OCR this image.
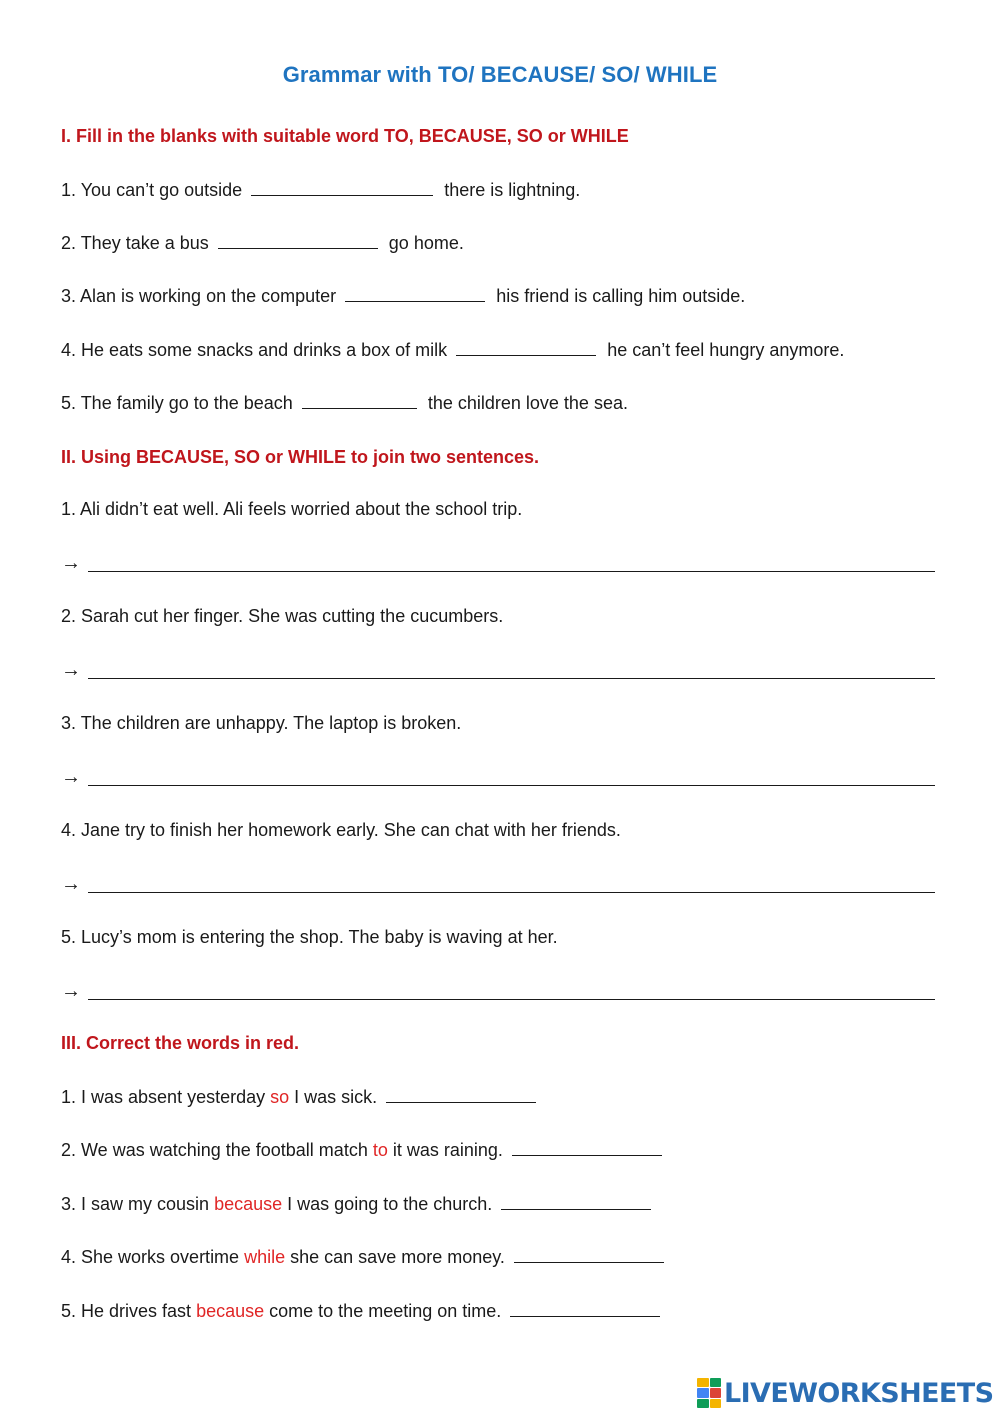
Grammar with TO/ BECAUSE/ SO/ WHILE
I. Fill in the blanks with suitable word TO, BECAUSE, SO or WHILE
1. You can’t go outside	there is lightning.
2. They take a bus	go home.
3. Alan is working on the computer	his friend is calling him outside.
4. He eats some snacks and drinks a box of milk	he can’t feel hungry anymore.
5. The family go to the beach	the children love the sea.
II. Using BECAUSE, SO or WHILE to join two sentences.
1. Ali didn’t eat well. Ali feels worried about the school trip.
→
2. Sarah cut her finger. She was cutting the cucumbers.
→
3. The children are unhappy. The laptop is broken.
→
4. Jane try to finish her homework early. She can chat with her friends.
→
5. Lucy’s mom is entering the shop. The baby is waving at her.
→
III. Correct the words in red.
1. I was absent yesterday so I was sick.
2. We was watching the football match to it was raining.
3. I saw my cousin because I was going to the church.
4. She works overtime while she can save more money.
5. He drives fast because come to the meeting on time.
LIVEWORKSHEETS
